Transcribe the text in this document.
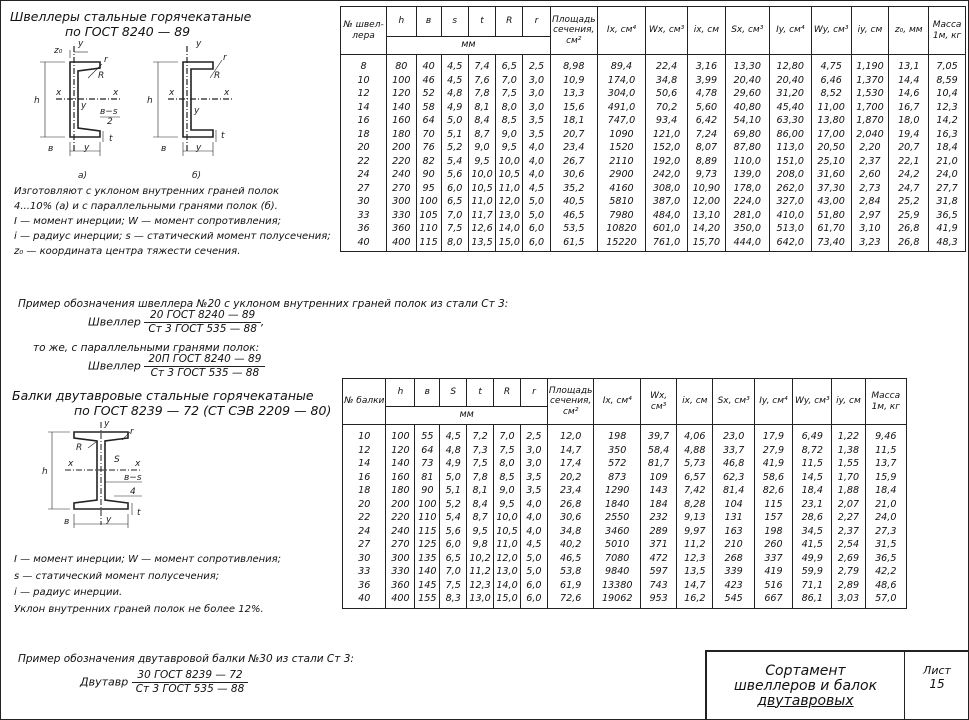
Швеллеры стальные горячекатаные
по ГОСТ 8240 — 89
h
x	x
y
y
z₀
y
R
r
в−s
2
t
в
а)
h
x	x
y
y
y
R
r
t
в
б)
Изготовляют с уклоном внутренних граней полок
4...10% (а) и с параллельными гранями полок (б).
I — момент инерции; W — момент сопротивления;
i — радиус инерции; s — статический момент полусечения;
z₀ — координата центра тяжести сечения.
№ швел-лера	h	в	s	t	R	r	Площадь сечения, см²	Ix, см⁴	Wx, см³	ix, см	Sx, см³	Iy, см⁴	Wy, см³	iy, см	z₀, мм	Масса 1м, кг
	мм															
8	80	40	4,5	7,4	6,5	2,5	8,98	89,4	22,4	3,16	13,30	12,80	4,75	1,190	13,1	7,05
10	100	46	4,5	7,6	7,0	3,0	10,9	174,0	34,8	3,99	20,40	20,40	6,46	1,370	14,4	8,59
12	120	52	4,8	7,8	7,5	3,0	13,3	304,0	50,6	4,78	29,60	31,20	8,52	1,530	14,6	10,4
14	140	58	4,9	8,1	8,0	3,0	15,6	491,0	70,2	5,60	40,80	45,40	11,00	1,700	16,7	12,3
16	160	64	5,0	8,4	8,5	3,5	18,1	747,0	93,4	6,42	54,10	63,30	13,80	1,870	18,0	14,2
18	180	70	5,1	8,7	9,0	3,5	20,7	1090	121,0	7,24	69,80	86,00	17,00	2,040	19,4	16,3
20	200	76	5,2	9,0	9,5	4,0	23,4	1520	152,0	8,07	87,80	113,0	20,50	2,20	20,7	18,4
22	220	82	5,4	9,5	10,0	4,0	26,7	2110	192,0	8,89	110,0	151,0	25,10	2,37	22,1	21,0
24	240	90	5,6	10,0	10,5	4,0	30,6	2900	242,0	9,73	139,0	208,0	31,60	2,60	24,2	24,0
27	270	95	6,0	10,5	11,0	4,5	35,2	4160	308,0	10,90	178,0	262,0	37,30	2,73	24,7	27,7
30	300	100	6,5	11,0	12,0	5,0	40,5	5810	387,0	12,00	224,0	327,0	43,00	2,84	25,2	31,8
33	330	105	7,0	11,7	13,0	5,0	46,5	7980	484,0	13,10	281,0	410,0	51,80	2,97	25,9	36,5
36	360	110	7,5	12,6	14,0	6,0	53,5	10820	601,0	14,20	350,0	513,0	61,70	3,10	26,8	41,9
40	400	115	8,0	13,5	15,0	6,0	61,5	15220	761,0	15,70	444,0	642,0	73,40	3,23	26,8	48,3
Пример обозначения швеллера №20 с уклоном внутренних граней полок из стали Ст 3:
Швеллер $\frac{\text{20 ГОСТ 8240 — 89}}{\text{Ст 3 ГОСТ 535 — 88}}$ ,
то же, с параллельными гранями полок:
Швеллер $\frac{\text{20П ГОСТ 8240 — 89}}{\text{Ст 3 ГОСТ 535 — 88}}$
Балки двутавровые стальные горячекатаные
по ГОСТ 8239 — 72 (СТ СЭВ 2209 — 80)
h
x	x
y
y
R
r
S
в−s
4
t
в
I — момент инерции; W — момент сопротивления;
s — статический момент полусечения;
i — радиус инерции.
Уклон внутренних граней полок не более 12%.
№ балки	h	в	S	t	R	r	Площадь сечения, см²	Ix, см⁴	Wx, см³	ix, см	Sx, см³	Iy, см⁴	Wy, см³	iy, см	Масса 1м, кг
	мм														
10	100	55	4,5	7,2	7,0	2,5	12,0	198	39,7	4,06	23,0	17,9	6,49	1,22	9,46
12	120	64	4,8	7,3	7,5	3,0	14,7	350	58,4	4,88	33,7	27,9	8,72	1,38	11,5
14	140	73	4,9	7,5	8,0	3,0	17,4	572	81,7	5,73	46,8	41,9	11,5	1,55	13,7
16	160	81	5,0	7,8	8,5	3,5	20,2	873	109	6,57	62,3	58,6	14,5	1,70	15,9
18	180	90	5,1	8,1	9,0	3,5	23,4	1290	143	7,42	81,4	82,6	18,4	1,88	18,4
20	200	100	5,2	8,4	9,5	4,0	26,8	1840	184	8,28	104	115	23,1	2,07	21,0
22	220	110	5,4	8,7	10,0	4,0	30,6	2550	232	9,13	131	157	28,6	2,27	24,0
24	240	115	5,6	9,5	10,5	4,0	34,8	3460	289	9,97	163	198	34,5	2,37	27,3
27	270	125	6,0	9,8	11,0	4,5	40,2	5010	371	11,2	210	260	41,5	2,54	31,5
30	300	135	6,5	10,2	12,0	5,0	46,5	7080	472	12,3	268	337	49,9	2,69	36,5
33	330	140	7,0	11,2	13,0	5,0	53,8	9840	597	13,5	339	419	59,9	2,79	42,2
36	360	145	7,5	12,3	14,0	6,0	61,9	13380	743	14,7	423	516	71,1	2,89	48,6
40	400	155	8,3	13,0	15,0	6,0	72,6	19062	953	16,2	545	667	86,1	3,03	57,0
Пример обозначения двутавровой балки №30 из стали Ст 3:
Двутавр $\frac{\text{30 ГОСТ 8239 — 72}}{\text{Ст 3 ГОСТ 535 — 88}}$	Сортамент
швеллеров и балок
двутавровых
Лист
15
